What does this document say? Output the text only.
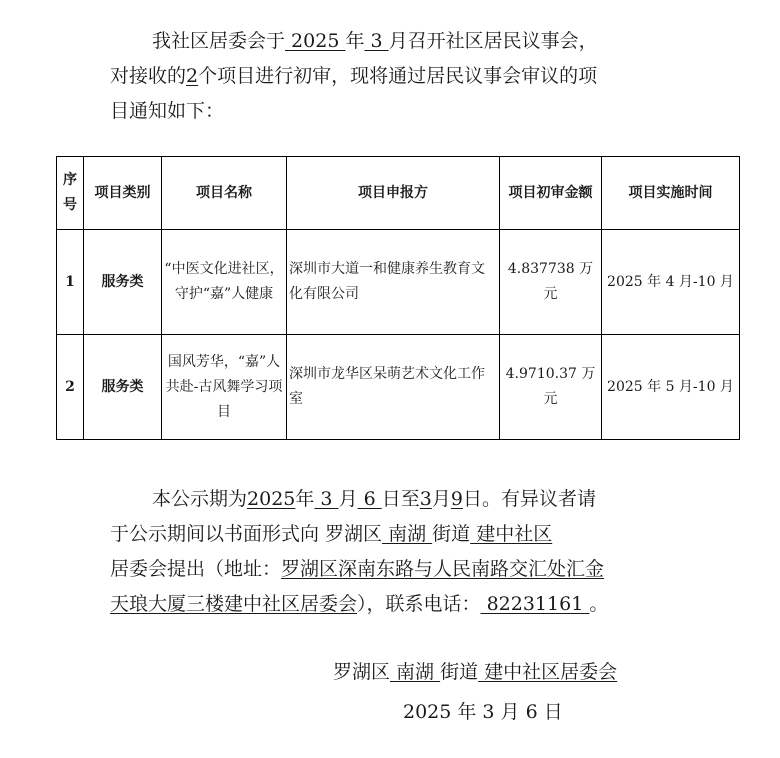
我社区居委会于 2025 年 3 月召开社区居民议事会，
对接收的2个项目进行初审，现将通过居民议事会审议的项
目通知如下：
序号	项目类别	项目名称	项目申报方	项目初审金额	项目实施时间
1	服务类	“中医文化进社区，守护“嘉”人健康	深圳市大道一和健康养生教育文化有限公司	4.837738 万元	2025 年 4 月-10 月
2	服务类	国风芳华，“嘉”人共赴-古风舞学习项目	深圳市龙华区呆萌艺术文化工作室	4.9710.37 万元	2025 年 5 月-10 月
本公示期为2025年 3 月 6 日至3月9日。有异议者请
于公示期间以书面形式向 罗湖区 南湖 街道 建中社区
居委会提出（地址：罗湖区深南东路与人民南路交汇处汇金
天琅大厦三楼建中社区居委会），联系电话： 82231161 。
罗湖区 南湖 街道 建中社区居委会
2025 年 3 月 6 日
